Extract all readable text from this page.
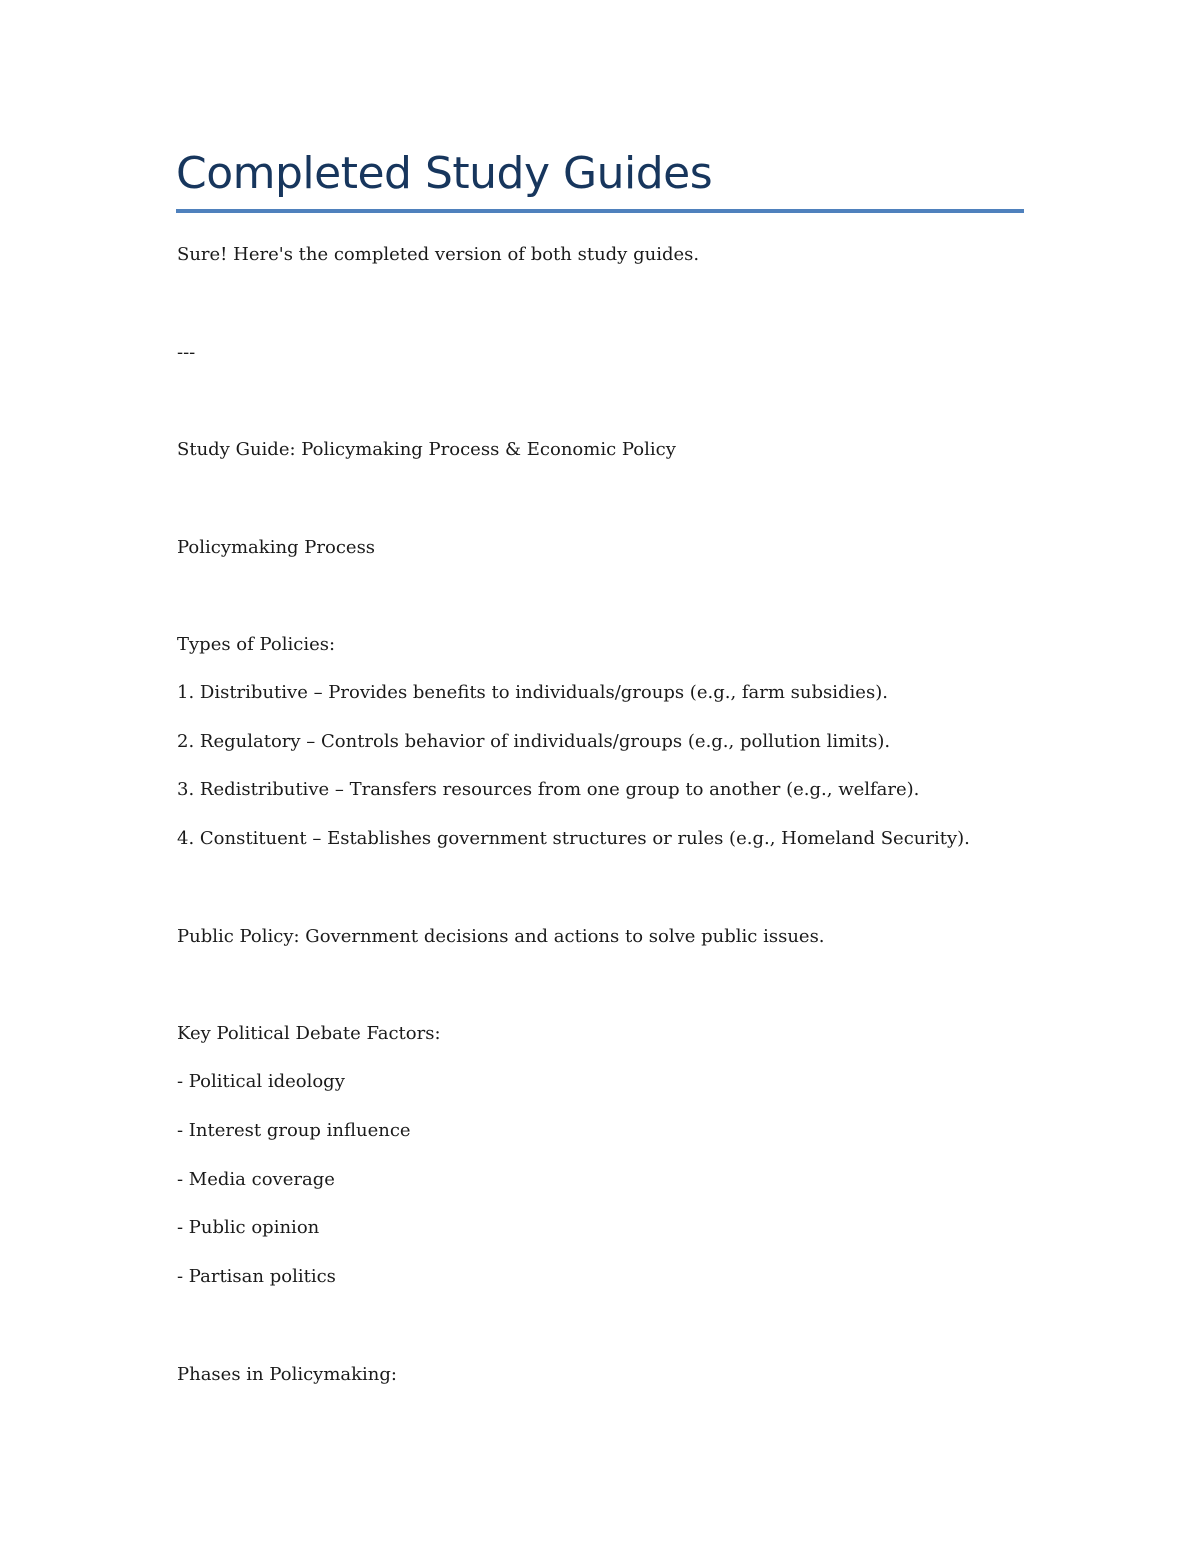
Completed Study Guides

Sure! Here's the completed version of both study guides.

---

Study Guide: Policymaking Process & Economic Policy

Policymaking Process

Types of Policies:

1. Distributive – Provides benefits to individuals/groups (e.g., farm subsidies).

2. Regulatory – Controls behavior of individuals/groups (e.g., pollution limits).

3. Redistributive – Transfers resources from one group to another (e.g., welfare).

4. Constituent – Establishes government structures or rules (e.g., Homeland Security).

Public Policy: Government decisions and actions to solve public issues.

Key Political Debate Factors:

- Political ideology

- Interest group influence

- Media coverage

- Public opinion

- Partisan politics

Phases in Policymaking:
